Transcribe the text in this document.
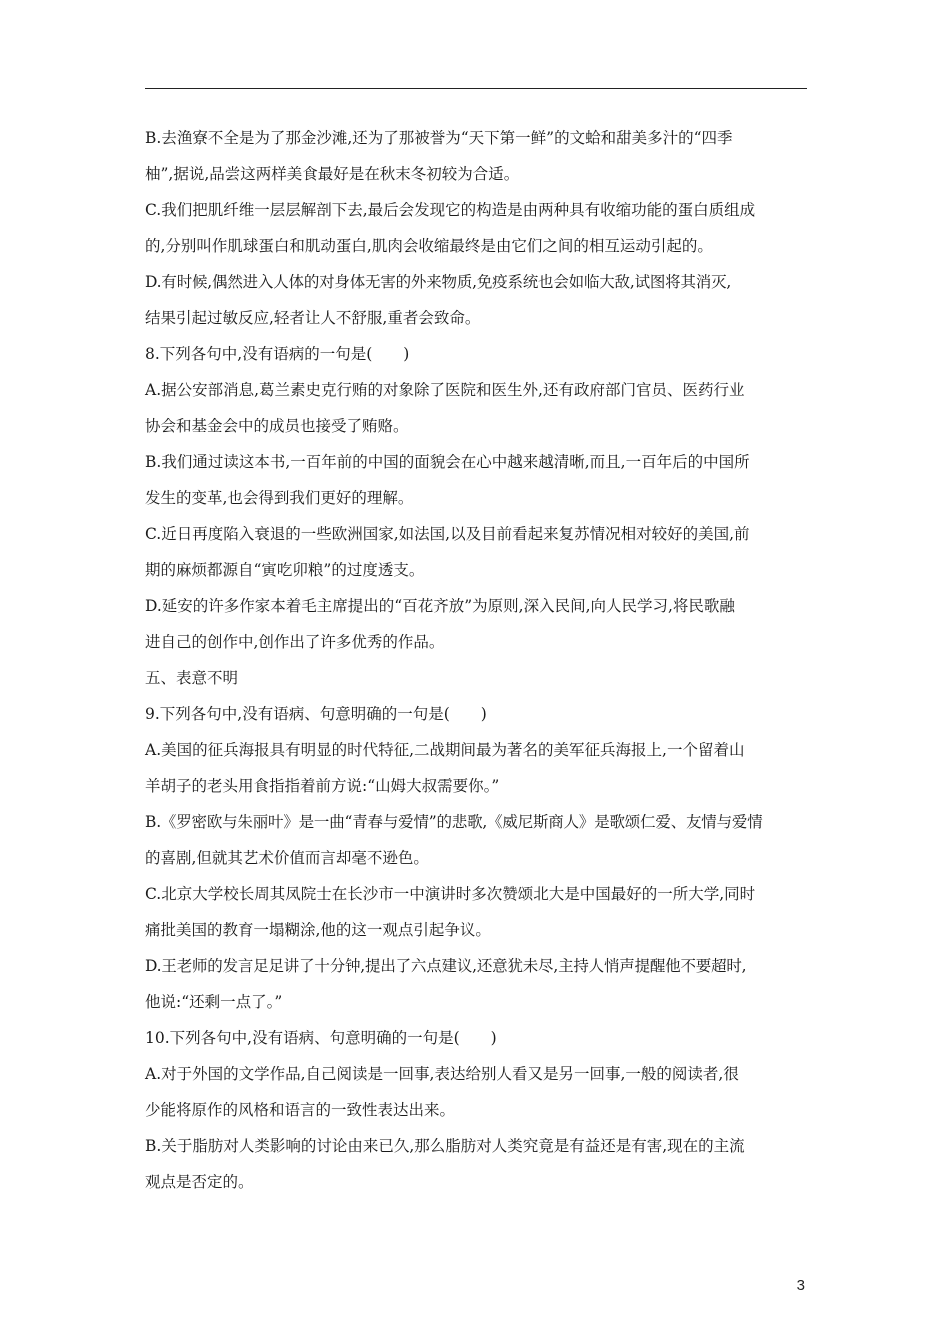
B.去渔寮不全是为了那金沙滩,还为了那被誉为“天下第一鲜”的文蛤和甜美多汁的“四季
柚”,据说,品尝这两样美食最好是在秋末冬初较为合适。
C.我们把肌纤维一层层解剖下去,最后会发现它的构造是由两种具有收缩功能的蛋白质组成
的,分别叫作肌球蛋白和肌动蛋白,肌肉会收缩最终是由它们之间的相互运动引起的。
D.有时候,偶然进入人体的对身体无害的外来物质,免疫系统也会如临大敌,试图将其消灭,
结果引起过敏反应,轻者让人不舒服,重者会致命。
8.下列各句中,没有语病的一句是(　　)
A.据公安部消息,葛兰素史克行贿的对象除了医院和医生外,还有政府部门官员、医药行业
协会和基金会中的成员也接受了贿赂。
B.我们通过读这本书,一百年前的中国的面貌会在心中越来越清晰,而且,一百年后的中国所
发生的变革,也会得到我们更好的理解。
C.近日再度陷入衰退的一些欧洲国家,如法国,以及目前看起来复苏情况相对较好的美国,前
期的麻烦都源自“寅吃卯粮”的过度透支。
D.延安的许多作家本着毛主席提出的“百花齐放”为原则,深入民间,向人民学习,将民歌融
进自己的创作中,创作出了许多优秀的作品。
五、表意不明
9.下列各句中,没有语病、句意明确的一句是(　　)
A.美国的征兵海报具有明显的时代特征,二战期间最为著名的美军征兵海报上,一个留着山
羊胡子的老头用食指指着前方说:“山姆大叔需要你。”
B.《罗密欧与朱丽叶》是一曲“青春与爱情”的悲歌,《威尼斯商人》是歌颂仁爱、友情与爱情
的喜剧,但就其艺术价值而言却毫不逊色。
C.北京大学校长周其凤院士在长沙市一中演讲时多次赞颂北大是中国最好的一所大学,同时
痛批美国的教育一塌糊涂,他的这一观点引起争议。
D.王老师的发言足足讲了十分钟,提出了六点建议,还意犹未尽,主持人悄声提醒他不要超时,
他说:“还剩一点了。”
10.下列各句中,没有语病、句意明确的一句是(　　)
A.对于外国的文学作品,自己阅读是一回事,表达给别人看又是另一回事,一般的阅读者,很
少能将原作的风格和语言的一致性表达出来。
B.关于脂肪对人类影响的讨论由来已久,那么脂肪对人类究竟是有益还是有害,现在的主流
观点是否定的。
3
